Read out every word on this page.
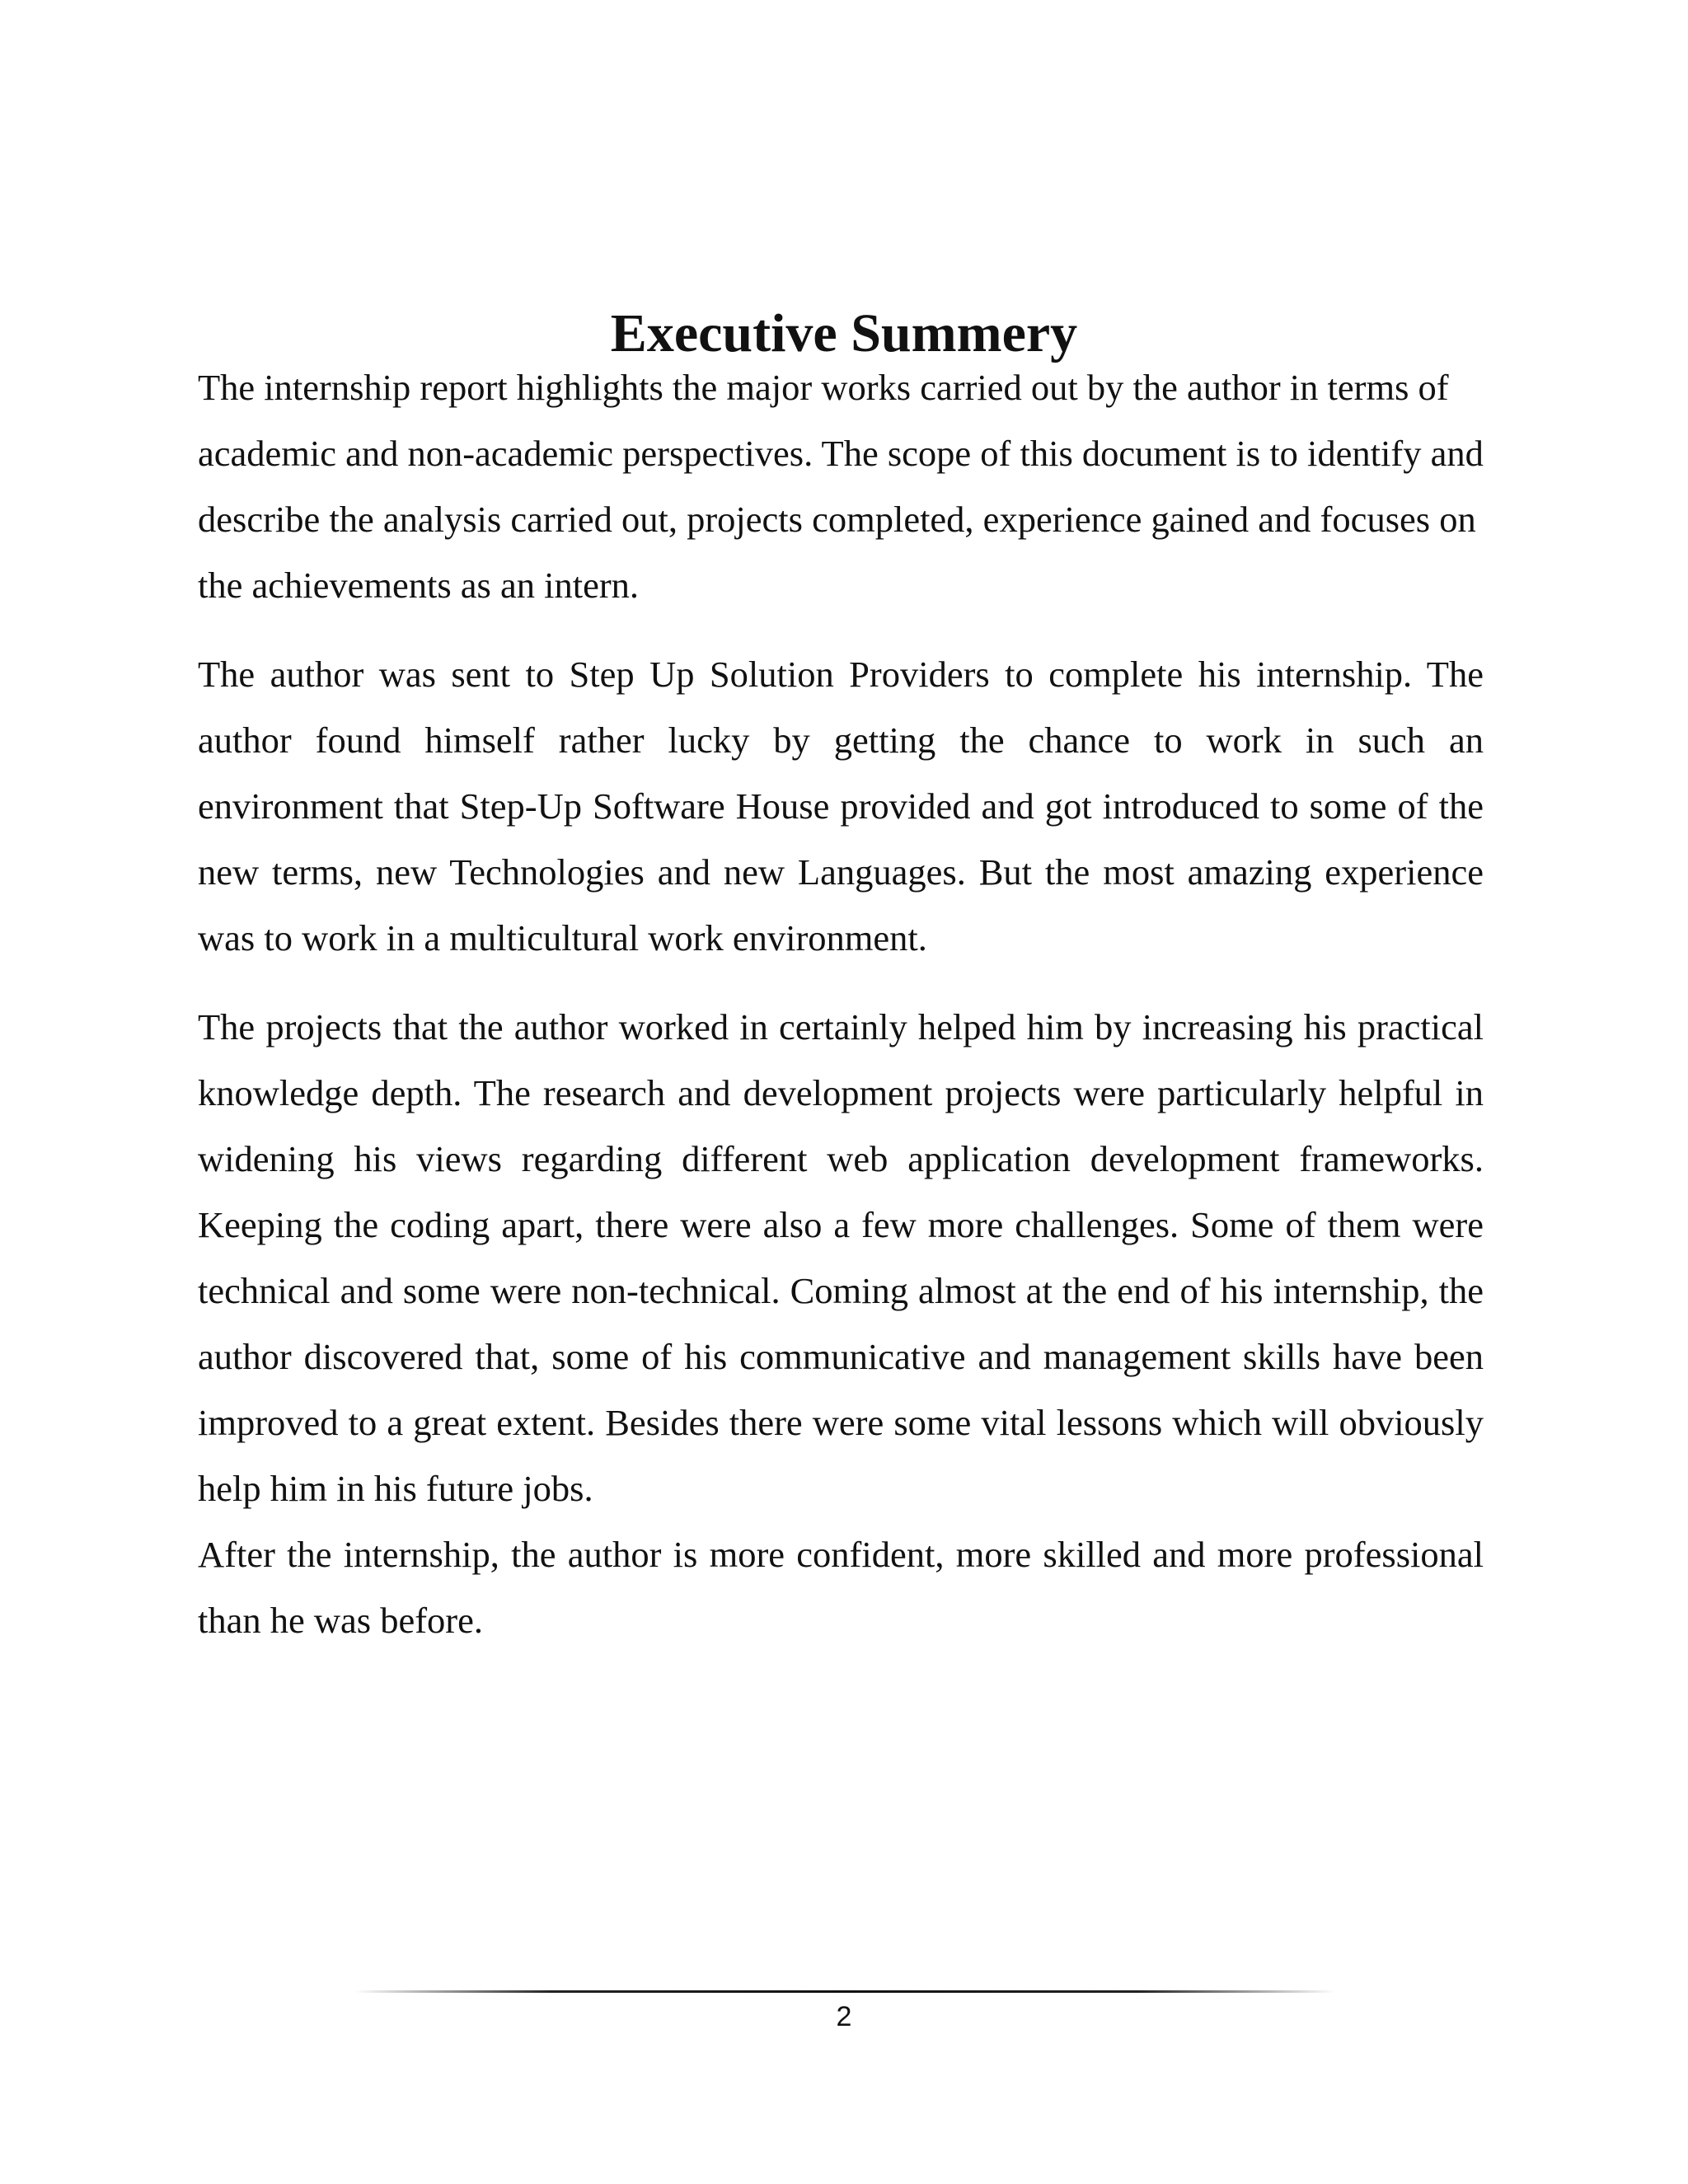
Executive Summery

The internship report highlights the major works carried out by the author in terms of academic and non-academic perspectives. The scope of this document is to identify and describe the analysis carried out, projects completed, experience gained and focuses on the achievements as an intern.

The author was sent to Step Up Solution Providers to complete his internship. The author found himself rather lucky by getting the chance to work in such an environment that Step-Up Software House provided and got introduced to some of the new terms, new Technologies and new Languages. But the most amazing experience was to work in a multicultural work environment.

The projects that the author worked in certainly helped him by increasing his practical knowledge depth. The research and development projects were particularly helpful in widening his views regarding different web application development frameworks. Keeping the coding apart, there were also a few more challenges. Some of them were technical and some were non-technical. Coming almost at the end of his internship, the author discovered that, some of his communicative and management skills have been improved to a great extent. Besides there were some vital lessons which will obviously help him in his future jobs.

After the internship, the author is more confident, more skilled and more professional than he was before.

2
